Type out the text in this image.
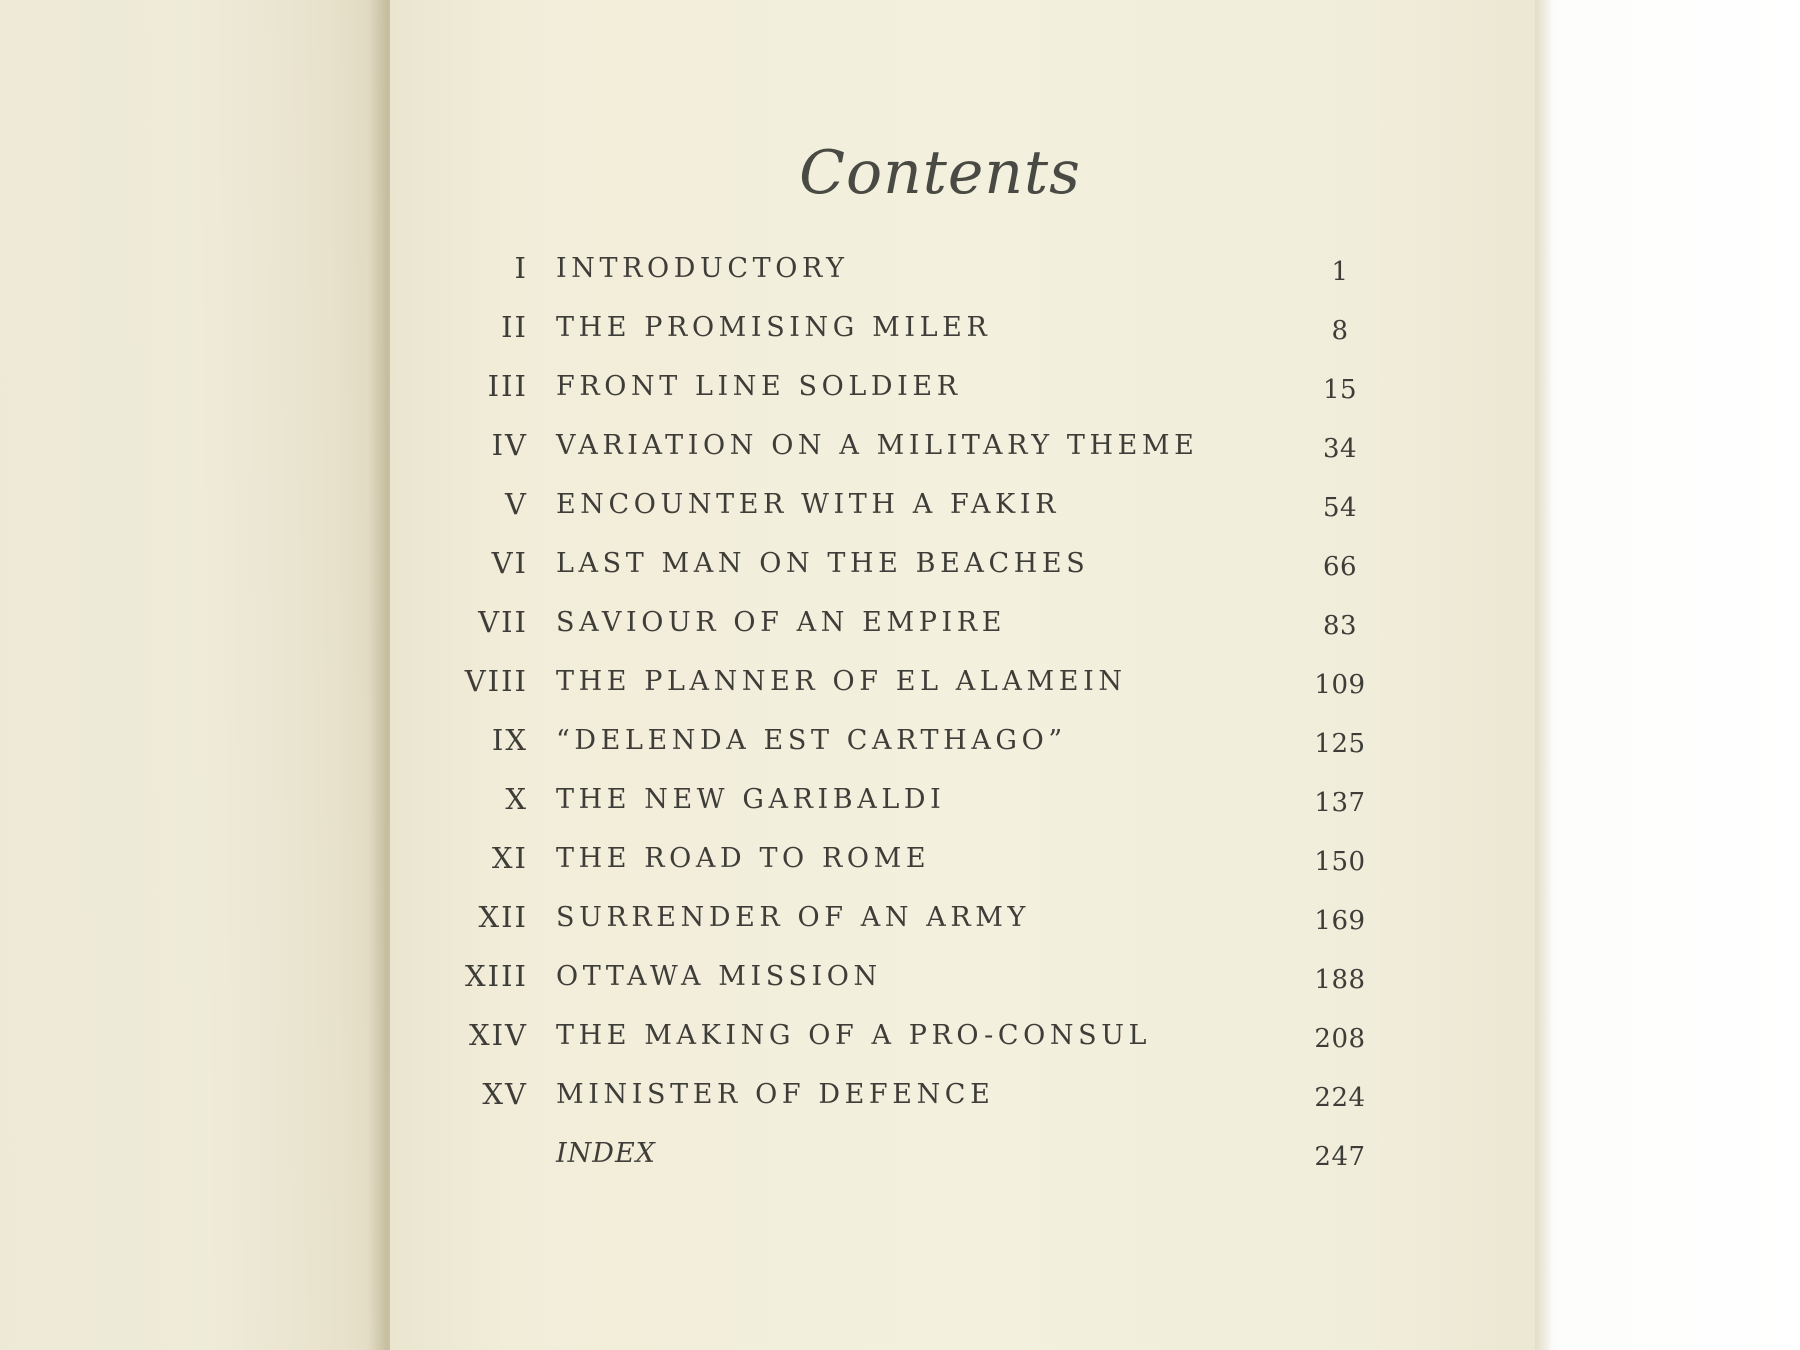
Contents
I INTRODUCTORY	1
II THE PROMISING MILER	8
III FRONT LINE SOLDIER	15
IV VARIATION ON A MILITARY THEME	34
V ENCOUNTER WITH A FAKIR	54
VI LAST MAN ON THE BEACHES	66
VII SAVIOUR OF AN EMPIRE	83
VIII THE PLANNER OF EL ALAMEIN	109
IX “DELENDA EST CARTHAGO”	125
X THE NEW GARIBALDI	137
XI THE ROAD TO ROME	150
XII SURRENDER OF AN ARMY	169
XIII OTTAWA MISSION	188
XIV THE MAKING OF A PRO-CONSUL	208
XV MINISTER OF DEFENCE	224
INDEX	247
